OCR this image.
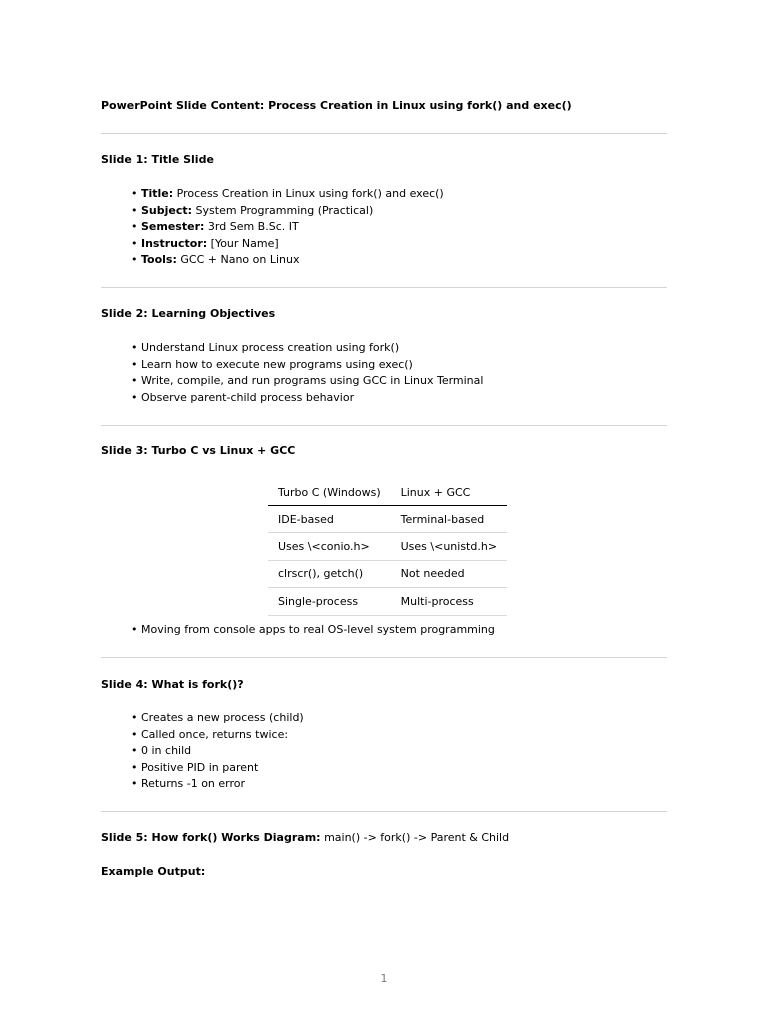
PowerPoint Slide Content: Process Creation in Linux using fork() and exec()
Slide 1: Title Slide
• Title: Process Creation in Linux using fork() and exec()
• Subject: System Programming (Practical)
• Semester: 3rd Sem B.Sc. IT
• Instructor: [Your Name]
• Tools: GCC + Nano on Linux
Slide 2: Learning Objectives
• Understand Linux process creation using fork()
• Learn how to execute new programs using exec()
• Write, compile, and run programs using GCC in Linux Terminal
• Observe parent-child process behavior
Slide 3: Turbo C vs Linux + GCC
Turbo C (Windows)	Linux + GCC
IDE-based	Terminal-based
Uses \<conio.h>	Uses \<unistd.h>
clrscr(), getch()	Not needed
Single-process	Multi-process
• Moving from console apps to real OS-level system programming
Slide 4: What is fork()?
• Creates a new process (child)
• Called once, returns twice:
• 0 in child
• Positive PID in parent
• Returns -1 on error
Slide 5: How fork() Works Diagram: main() -> fork() -> Parent & Child
Example Output:
1
